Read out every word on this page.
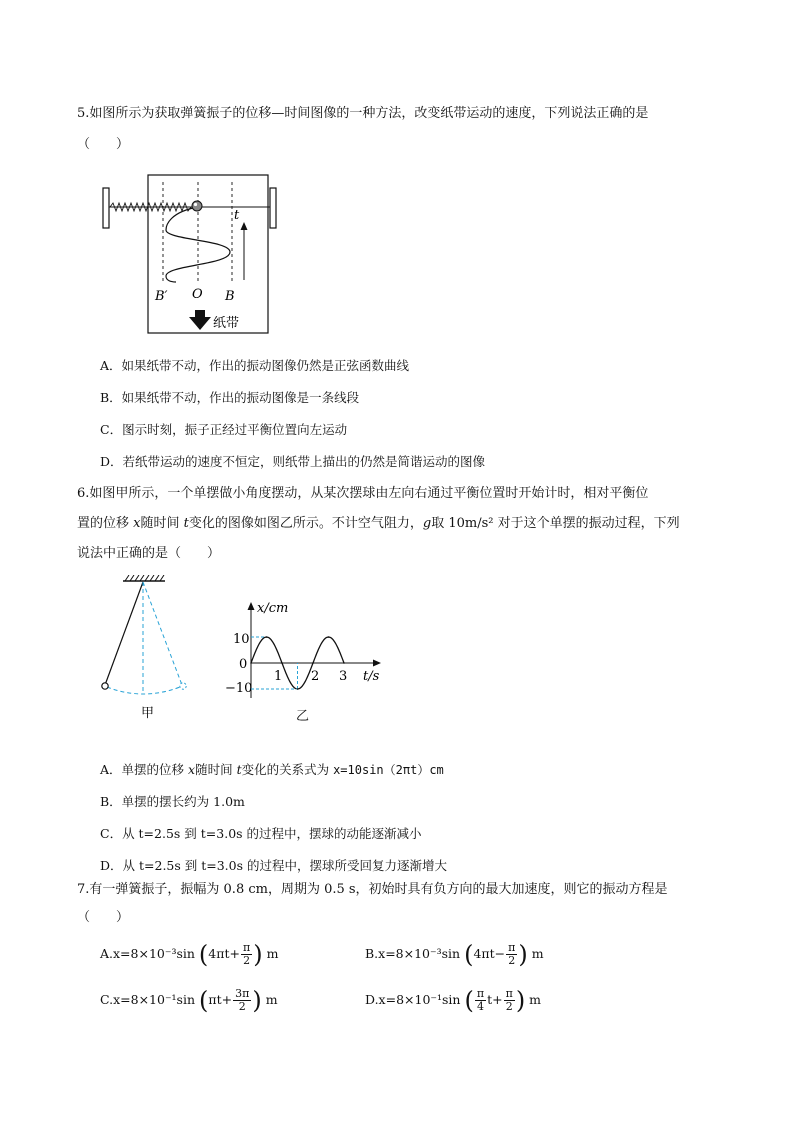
5.如图所示为获取弹簧振子的位移—时间图像的一种方法，改变纸带运动的速度，下列说法正确的是
（　　）
t
B′ O B
纸带
A．如果纸带不动，作出的振动图像仍然是正弦函数曲线
B．如果纸带不动，作出的振动图像是一条线段
C．图示时刻，振子正经过平衡位置向左运动
D．若纸带运动的速度不恒定，则纸带上描出的仍然是简谐运动的图像
6.如图甲所示，一个单摆做小角度摆动，从某次摆球由左向右通过平衡位置时开始计时，相对平衡位
置的位移 x随时间 t变化的图像如图乙所示。不计空气阻力，g取 10m/s² 对于这个单摆的振动过程，下列
说法中正确的是（　　）
甲
x/cm
t/s
10
0
−10
1 2 3
乙
A．单摆的位移 x随时间 t变化的关系式为 x=10sin（2πt）cm
B．单摆的摆长约为 1.0m
C．从 t=2.5s 到 t=3.0s 的过程中，摆球的动能逐渐减小
D．从 t=2.5s 到 t=3.0s 的过程中，摆球所受回复力逐渐增大
7.有一弹簧振子，振幅为 0.8 cm，周期为 0.5 s，初始时具有负方向的最大加速度，则它的振动方程是
（　　）
A.x=8×10⁻³sin ($4\pi t+ \frac{\pi}{2}$ ) m	B.x=8×10⁻³sin ($4\pi t- \frac{\pi}{2}$ ) m
C.x=8×10⁻¹sin ($\pi t+ \frac{3\pi}{2}$ ) m	D.x=8×10⁻¹sin ( $\frac{\pi}{4} t+ \frac{\pi}{2}$ ) m
